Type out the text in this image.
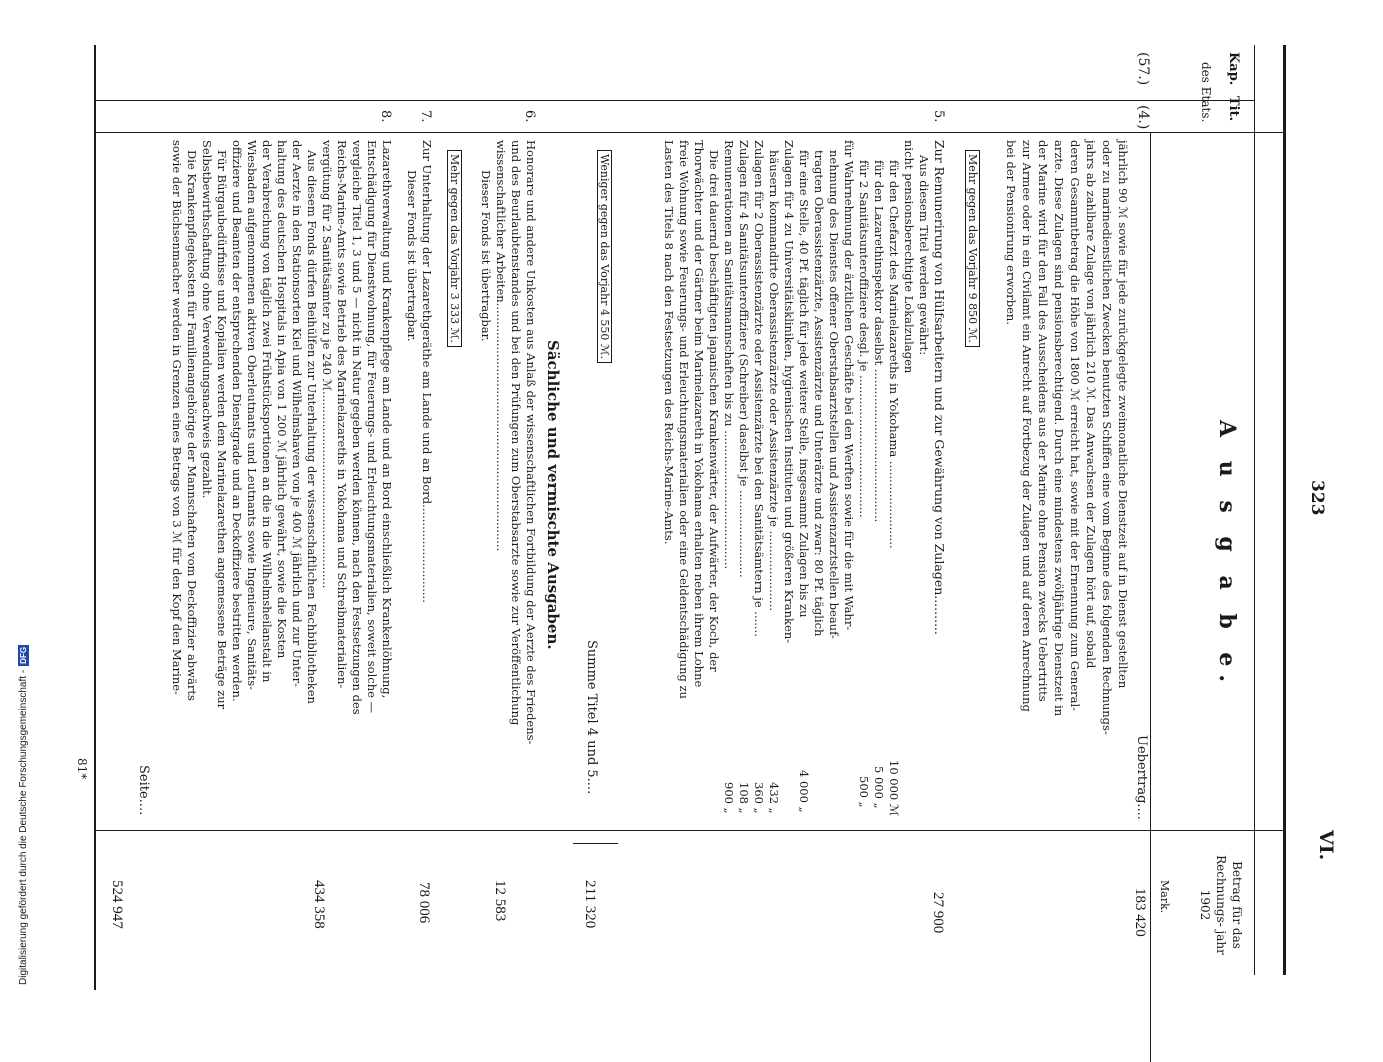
323
VI.
A u s g a b e.
Kap.
Tit.
des Etats.
Betrag für das Rechnungs- jahr 1902
Mark.
(57.)
(4.)
Uebertrag....
183 420
jährlich 90 ℳ sowie für jede zurückgelegte zweimonatliche Dienstzeit auf in Dienst gestellten
oder zu marinedienstlichen Zwecken benutzten Schiffen eine vom Beginne des folgenden Rechnungs-
jahrs ab zahlbare Zulage von jährlich 210 ℳ. Das Anwachsen der Zulagen hört auf, sobald
deren Gesammtbetrag die Höhe von 1800 ℳ erreicht hat, sowie mit der Ernennung zum General-
arzte. Diese Zulagen sind pensionsberechtigend. Durch eine mindestens zwölfjährige Dienstzeit in
der Marine wird für den Fall des Ausscheidens aus der Marine ohne Pension zwecks Uebertritts
zur Armee oder in ein Civilamt ein Anrecht auf Fortbezug der Zulagen und auf deren Anrechnung
bei der Pensionirung erworben.
Mehr gegen das Vorjahr 9 850 ℳ.
5.
Zur Remunerirung von Hülfsarbeitern und zur Gewährung von Zulagen..........
27 900
Aus diesem Titel werden gewährt:
nicht pensionsberechtigte Lokalzulagen
für den Chefarzt des Marinelazareths in Yokohama ........................
10 000 ℳ
für den Lazarethinspektor daselbst ..........................................
5 000 „
für 2 Sanitätsunteroffiziere desgl. je .......................................
500 „
für Wahrnehmung der ärztlichen Geschäfte bei den Werften sowie für die mit Wahr-
nehmung des Dienstes offener Oberstabsarztstellen und Assistenzarztstellen beauf-
tragten Oberassistenzärzte, Assistenzärzte und Unterärzte und zwar: 80 Pf. täglich
für eine Stelle, 40 Pf. täglich für jede weitere Stelle, insgesammt Zulagen bis zu
4 000 „
Zulagen für 4 zu Universitätskliniken, hygienischen Instituten und größeren Kranken-
häusern kommandirte Oberassistenzärzte oder Assistenzärzte je ......................
432 „
Zulagen für 2 Oberassistenzärzte oder Assistenzärzte bei den Sanitätsämtern je .......
360 „
Zulagen für 4 Sanitätsunteroffiziere (Schreiber) daselbst je ........................
108 „
Remunerationen an Sanitätsmannschaften bis zu ......................................
900 „
Die drei dauernd beschäftigten japanischen Krankenwärter, der Aufwärter, der Koch, der
Thorwächter und der Gärtner beim Marinelazareth in Yokohama erhalten neben ihrem Lohne
freie Wohnung sowie Feuerungs- und Erleuchtungsmaterialien oder eine Geldentschädigung zu
Lasten des Titels 8 nach den Festsetzungen des Reichs-Marine-Amts.
Weniger gegen das Vorjahr 4 550 ℳ.
Summe Titel 4 und 5....
211 320
Sächliche und vermischte Ausgaben.
6.
Honorare und andere Unkosten aus Anlaß der wissenschaftlichen Fortbildung der Aerzte des Friedens-
und des Beurlaubtenstandes und bei den Prüfungen zum Oberstabsarzte sowie zur Veröffentlichung
wissenschaftlicher Arbeiten....................................................................
Dieser Fonds ist übertragbar.
12 583
Mehr gegen das Vorjahr 3 333 ℳ.
7.
Zur Unterhaltung der Lazarethgeräthe am Lande und an Bord...........................
Dieser Fonds ist übertragbar.
78 006
8.
434 358
Lazarethverwaltung und Krankenpflege am Lande und an Bord einschließlich Krankenlöhnung,
Entschädigung für Dienstwohnung, für Feuerungs- und Erleuchtungsmaterialien, soweit solche —
vergleiche Titel 1, 3 und 5 — nicht in Natur gegeben werden können, nach den Festsetzungen des
Reichs-Marine-Amts sowie Betrieb des Marinelazareths in Yokohama und Schreibmaterialien-
vergütung für 2 Sanitätsämter zu je 240 ℳ......................................................
Aus diesem Fonds dürfen Beihülfen zur Unterhaltung der wissenschaftlichen Fachbibliotheken
der Aerzte in den Stationsorten Kiel und Wilhelmshaven von je 400 ℳ jährlich und zur Unter-
haltung des deutschen Hospitals in Apia von 1 200 ℳ jährlich gewährt, sowie die Kosten
der Verabreichung von täglich zwei Frühstücksportionen an die in die Wilhelmsheilanstalt in
Wiesbaden aufgenommenen aktiven Oberleutnants und Leutnants sowie Ingenieure, Sanitäts-
offiziere und Beamten der entsprechenden Dienstgrade und an Deckoffiziere bestritten werden.
Für Bürgaubedürfnisse und Kopialien werden dem Marinelazarethen angemessene Beträge zur
Selbstbewirthschaftung ohne Verwendungsnachweis gezahlt.
Die Krankenpflegekosten für Familienangehörige der Mannschaften vom Deckoffizier abwärts
sowie der Büchsenmacher werden in Grenzen eines Betrags von 3 ℳ für den Kopf den Marine-
Seite....
524 947
81*
Digitalisierung gefördert durch die Deutsche Forschungsgemeinschaft -DFG
